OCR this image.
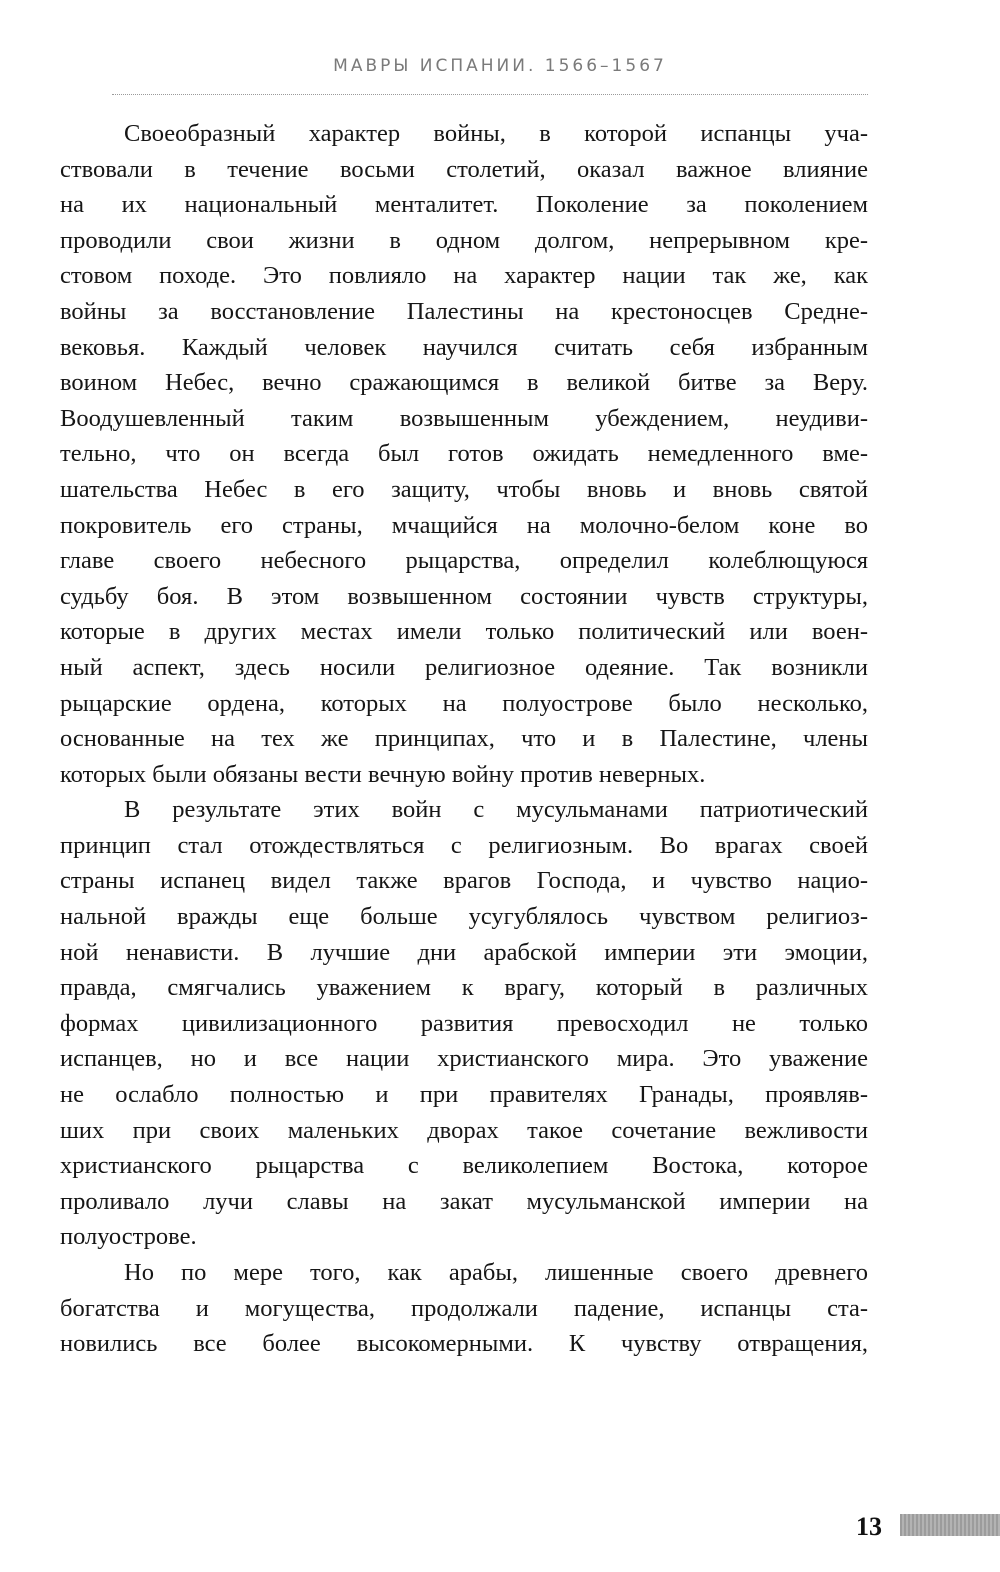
МАВРЫ ИСПАНИИ. 1566–1567
Своеобразный характер войны, в которой испанцы уча-
ствовали в течение восьми столетий, оказал важное влияние
на их национальный менталитет. Поколение за поколением
проводили свои жизни в одном долгом, непрерывном кре-
стовом походе. Это повлияло на характер нации так же, как
войны за восстановление Палестины на крестоносцев Средне-
вековья. Каждый человек научился считать себя избранным
воином Небес, вечно сражающимся в великой битве за Веру.
Воодушевленный таким возвышенным убеждением, неудиви-
тельно, что он всегда был готов ожидать немедленного вме-
шательства Небес в его защиту, чтобы вновь и вновь святой
покровитель его страны, мчащийся на молочно-белом коне во
главе своего небесного рыцарства, определил колеблющуюся
судьбу боя. В этом возвышенном состоянии чувств структуры,
которые в других местах имели только политический или воен-
ный аспект, здесь носили религиозное одеяние. Так возникли
рыцарские ордена, которых на полуострове было несколько,
основанные на тех же принципах, что и в Палестине, члены
которых были обязаны вести вечную войну против неверных.
В результате этих войн с мусульманами патриотический
принцип стал отождествляться с религиозным. Во врагах своей
страны испанец видел также врагов Господа, и чувство нацио-
нальной вражды еще больше усугублялось чувством религиоз-
ной ненависти. В лучшие дни арабской империи эти эмоции,
правда, смягчались уважением к врагу, который в различных
формах цивилизационного развития превосходил не только
испанцев, но и все нации христианского мира. Это уважение
не ослабло полностью и при правителях Гранады, проявляв-
ших при своих маленьких дворах такое сочетание вежливости
христианского рыцарства с великолепием Востока, которое
проливало лучи славы на закат мусульманской империи на
полуострове.
Но по мере того, как арабы, лишенные своего древнего
богатства и могущества, продолжали падение, испанцы ста-
новились все более высокомерными. К чувству отвращения,
13
